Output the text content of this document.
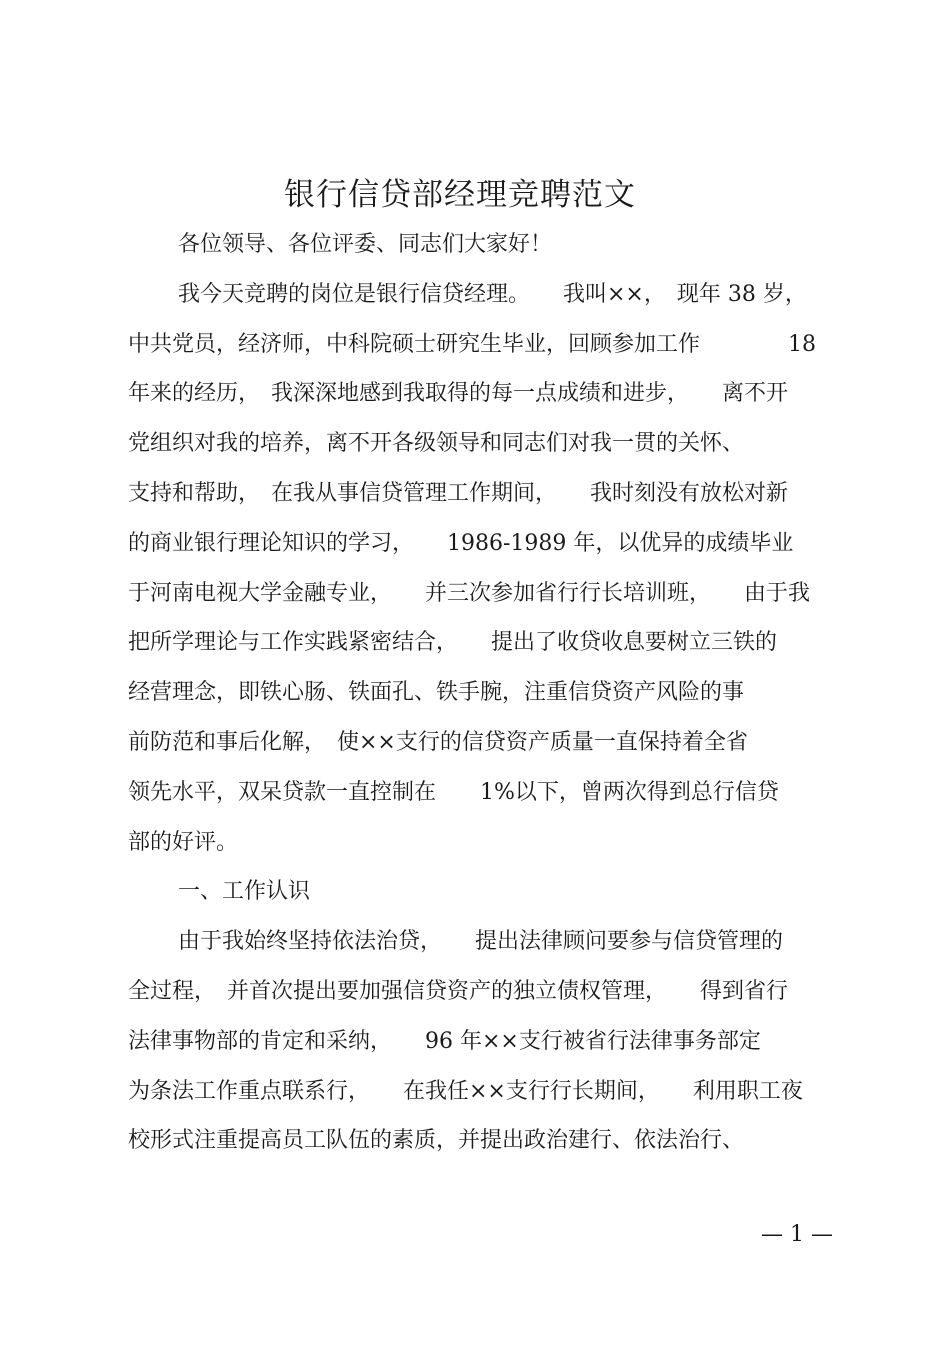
银行信贷部经理竞聘范文
各位领导、各位评委、同志们大家好！
我今天竞聘的岗位是银行信贷经理。　　我叫××，　现年 38 岁，
中共党员，经济师，中科院硕士研究生毕业，回顾参加工作　　　　18
年来的经历，　我深深地感到我取得的每一点成绩和进步，　　离不开
党组织对我的培养，离不开各级领导和同志们对我一贯的关怀、
支持和帮助，　在我从事信贷管理工作期间，　　我时刻没有放松对新
的商业银行理论知识的学习，　　1986-1989 年，以优异的成绩毕业
于河南电视大学金融专业，　　并三次参加省行行长培训班，　　由于我
把所学理论与工作实践紧密结合，　　提出了收贷收息要树立三铁的
经营理念，即铁心肠、铁面孔、铁手腕，注重信贷资产风险的事
前防范和事后化解，　使××支行的信贷资产质量一直保持着全省
领先水平，双呆贷款一直控制在　　1%以下，曾两次得到总行信贷
部的好评。
一、工作认识
由于我始终坚持依法治贷，　　提出法律顾问要参与信贷管理的
全过程，　并首次提出要加强信贷资产的独立债权管理，　　得到省行
法律事物部的肯定和采纳，　　96 年××支行被省行法律事务部定
为条法工作重点联系行，　　在我任××支行行长期间，　　利用职工夜
校形式注重提高员工队伍的素质，并提出政治建行、依法治行、
— 1 —
